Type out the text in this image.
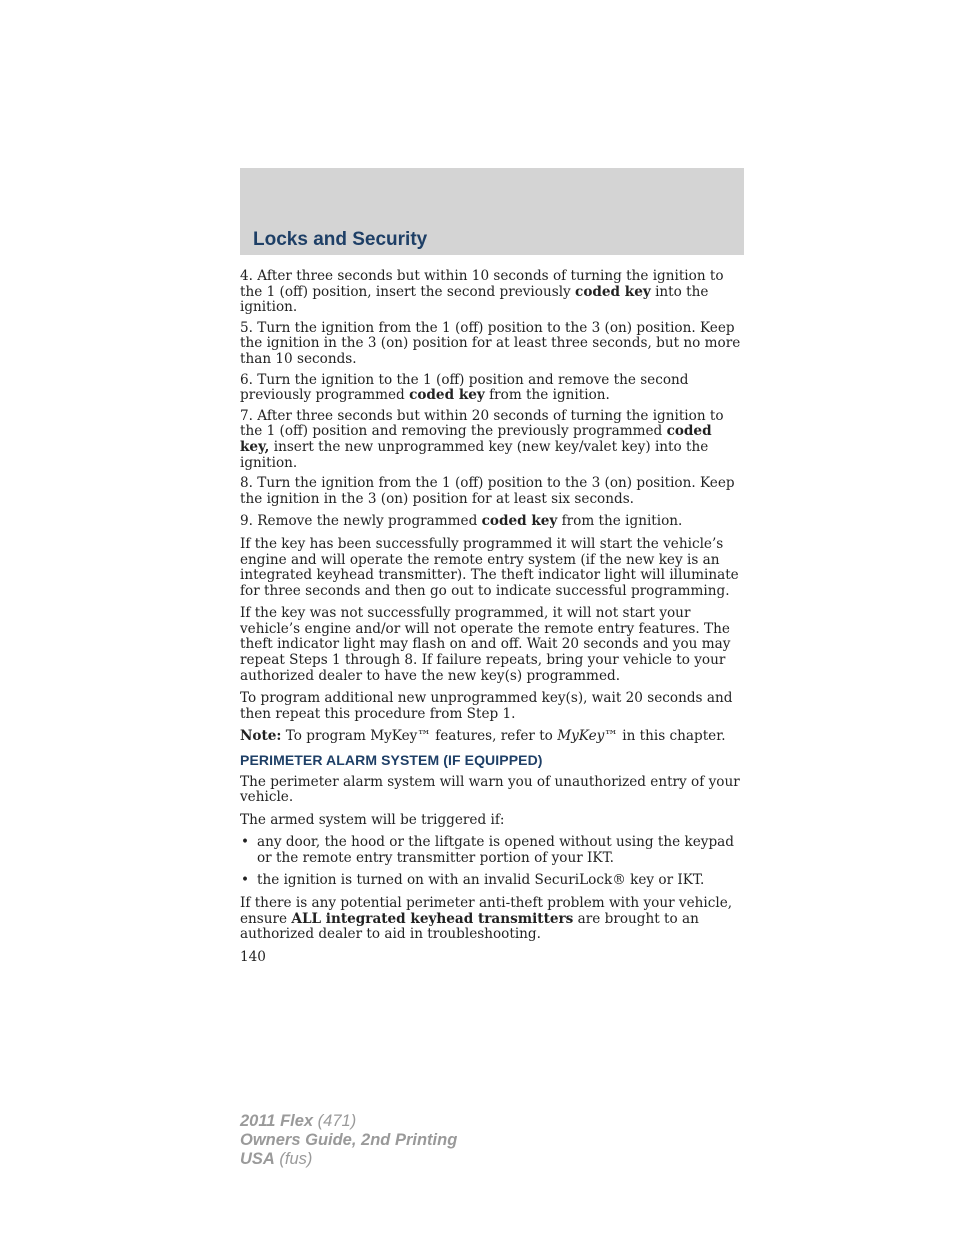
Locks and Security

4. After three seconds but within 10 seconds of turning the ignition to the 1 (off) position, insert the second previously coded key into the ignition.

5. Turn the ignition from the 1 (off) position to the 3 (on) position. Keep the ignition in the 3 (on) position for at least three seconds, but no more than 10 seconds.

6. Turn the ignition to the 1 (off) position and remove the second previously programmed coded key from the ignition.

7. After three seconds but within 20 seconds of turning the ignition to the 1 (off) position and removing the previously programmed coded key, insert the new unprogrammed key (new key/valet key) into the ignition.

8. Turn the ignition from the 1 (off) position to the 3 (on) position. Keep the ignition in the 3 (on) position for at least six seconds.

9. Remove the newly programmed coded key from the ignition.

If the key has been successfully programmed it will start the vehicle’s engine and will operate the remote entry system (if the new key is an integrated keyhead transmitter). The theft indicator light will illuminate for three seconds and then go out to indicate successful programming.

If the key was not successfully programmed, it will not start your vehicle’s engine and/or will not operate the remote entry features. The theft indicator light may flash on and off. Wait 20 seconds and you may repeat Steps 1 through 8. If failure repeats, bring your vehicle to your authorized dealer to have the new key(s) programmed.

To program additional new unprogrammed key(s), wait 20 seconds and then repeat this procedure from Step 1.

Note: To program MyKey™ features, refer to MyKey™ in this chapter.

PERIMETER ALARM SYSTEM (IF EQUIPPED)

The perimeter alarm system will warn you of unauthorized entry of your vehicle.

The armed system will be triggered if:

• any door, the hood or the liftgate is opened without using the keypad or the remote entry transmitter portion of your IKT.
• the ignition is turned on with an invalid SecuriLock® key or IKT.

If there is any potential perimeter anti-theft problem with your vehicle, ensure ALL integrated keyhead transmitters are brought to an authorized dealer to aid in troubleshooting.

140
2011 Flex (471)
Owners Guide, 2nd Printing
USA (fus)
